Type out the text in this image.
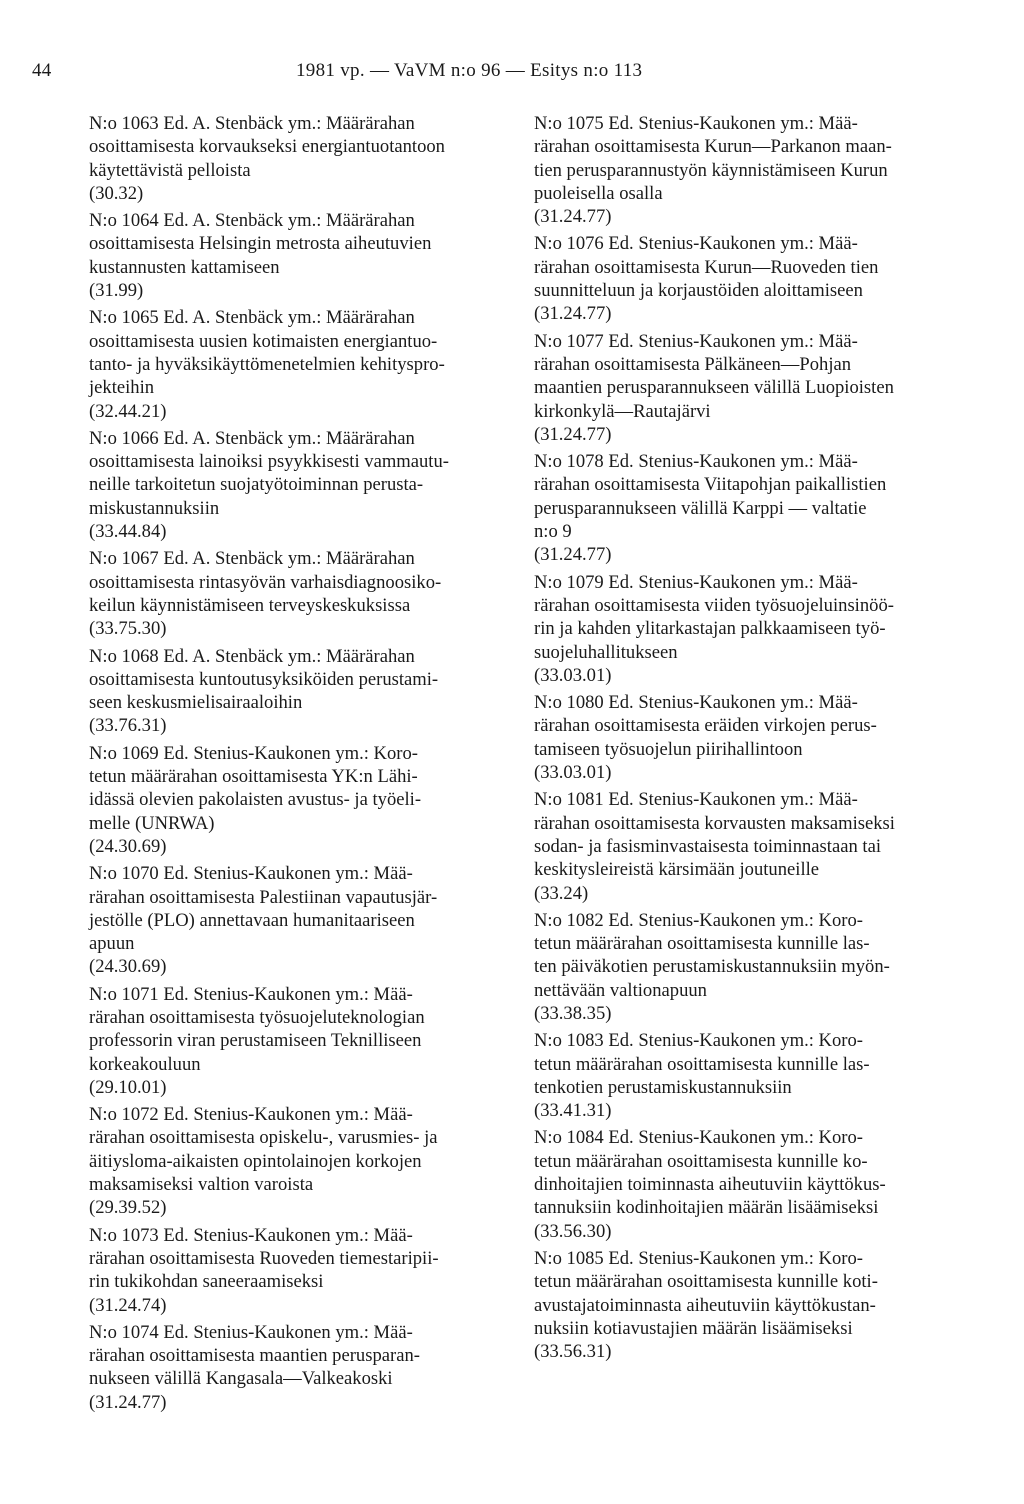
44	1981 vp. — VaVM n:o 96 — Esitys n:o 113
N:o 1063 Ed. A. Stenbäck ym.: Määrärahan
osoittamisesta korvaukseksi energiantuotantoon
käytettävistä pelloista
(30.32)
N:o 1064 Ed. A. Stenbäck ym.: Määrärahan
osoittamisesta Helsingin metrosta aiheutuvien
kustannusten kattamiseen
(31.99)
N:o 1065 Ed. A. Stenbäck ym.: Määrärahan
osoittamisesta uusien kotimaisten energiantuo-
tanto- ja hyväksikäyttömenetelmien kehityspro-
jekteihin
(32.44.21)
N:o 1066 Ed. A. Stenbäck ym.: Määrärahan
osoittamisesta lainoiksi psyykkisesti vammautu-
neille tarkoitetun suojatyötoiminnan perusta-
miskustannuksiin
(33.44.84)
N:o 1067 Ed. A. Stenbäck ym.: Määrärahan
osoittamisesta rintasyövän varhaisdiagnoosiko-
keilun käynnistämiseen terveyskeskuksissa
(33.75.30)
N:o 1068 Ed. A. Stenbäck ym.: Määrärahan
osoittamisesta kuntoutusyksiköiden perustami-
seen keskusmielisairaaloihin
(33.76.31)
N:o 1069 Ed. Stenius-Kaukonen ym.: Koro-
tetun määrärahan osoittamisesta YK:n Lähi-
idässä olevien pakolaisten avustus- ja työeli-
melle (UNRWA)
(24.30.69)
N:o 1070 Ed. Stenius-Kaukonen ym.: Mää-
rärahan osoittamisesta Palestiinan vapautusjär-
jestölle (PLO) annettavaan humanitaariseen
apuun
(24.30.69)
N:o 1071 Ed. Stenius-Kaukonen ym.: Mää-
rärahan osoittamisesta työsuojeluteknologian
professorin viran perustamiseen Teknilliseen
korkeakouluun
(29.10.01)
N:o 1072 Ed. Stenius-Kaukonen ym.: Mää-
rärahan osoittamisesta opiskelu-, varusmies- ja
äitiysloma-aikaisten opintolainojen korkojen
maksamiseksi valtion varoista
(29.39.52)
N:o 1073 Ed. Stenius-Kaukonen ym.: Mää-
rärahan osoittamisesta Ruoveden tiemestaripii-
rin tukikohdan saneeraamiseksi
(31.24.74)
N:o 1074 Ed. Stenius-Kaukonen ym.: Mää-
rärahan osoittamisesta maantien perusparan-
nukseen välillä Kangasala—Valkeakoski
(31.24.77)
N:o 1075 Ed. Stenius-Kaukonen ym.: Mää-
rärahan osoittamisesta Kurun—Parkanon maan-
tien perusparannustyön käynnistämiseen Kurun
puoleisella osalla
(31.24.77)
N:o 1076 Ed. Stenius-Kaukonen ym.: Mää-
rärahan osoittamisesta Kurun—Ruoveden tien
suunnitteluun ja korjaustöiden aloittamiseen
(31.24.77)
N:o 1077 Ed. Stenius-Kaukonen ym.: Mää-
rärahan osoittamisesta Pälkäneen—Pohjan
maantien perusparannukseen välillä Luopioisten
kirkonkylä—Rautajärvi
(31.24.77)
N:o 1078 Ed. Stenius-Kaukonen ym.: Mää-
rärahan osoittamisesta Viitapohjan paikallistien
perusparannukseen välillä Karppi — valtatie
n:o 9
(31.24.77)
N:o 1079 Ed. Stenius-Kaukonen ym.: Mää-
rärahan osoittamisesta viiden työsuojeluinsinöö-
rin ja kahden ylitarkastajan palkkaamiseen työ-
suojeluhallitukseen
(33.03.01)
N:o 1080 Ed. Stenius-Kaukonen ym.: Mää-
rärahan osoittamisesta eräiden virkojen perus-
tamiseen työsuojelun piirihallintoon
(33.03.01)
N:o 1081 Ed. Stenius-Kaukonen ym.: Mää-
rärahan osoittamisesta korvausten maksamiseksi
sodan- ja fasisminvastaisesta toiminnastaan tai
keskitysleireistä kärsimään joutuneille
(33.24)
N:o 1082 Ed. Stenius-Kaukonen ym.: Koro-
tetun määrärahan osoittamisesta kunnille las-
ten päiväkotien perustamiskustannuksiin myön-
nettävään valtionapuun
(33.38.35)
N:o 1083 Ed. Stenius-Kaukonen ym.: Koro-
tetun määrärahan osoittamisesta kunnille las-
tenkotien perustamiskustannuksiin
(33.41.31)
N:o 1084 Ed. Stenius-Kaukonen ym.: Koro-
tetun määrärahan osoittamisesta kunnille ko-
dinhoitajien toiminnasta aiheutuviin käyttökus-
tannuksiin kodinhoitajien määrän lisäämiseksi
(33.56.30)
N:o 1085 Ed. Stenius-Kaukonen ym.: Koro-
tetun määrärahan osoittamisesta kunnille koti-
avustajatoiminnasta aiheutuviin käyttökustan-
nuksiin kotiavustajien määrän lisäämiseksi
(33.56.31)
